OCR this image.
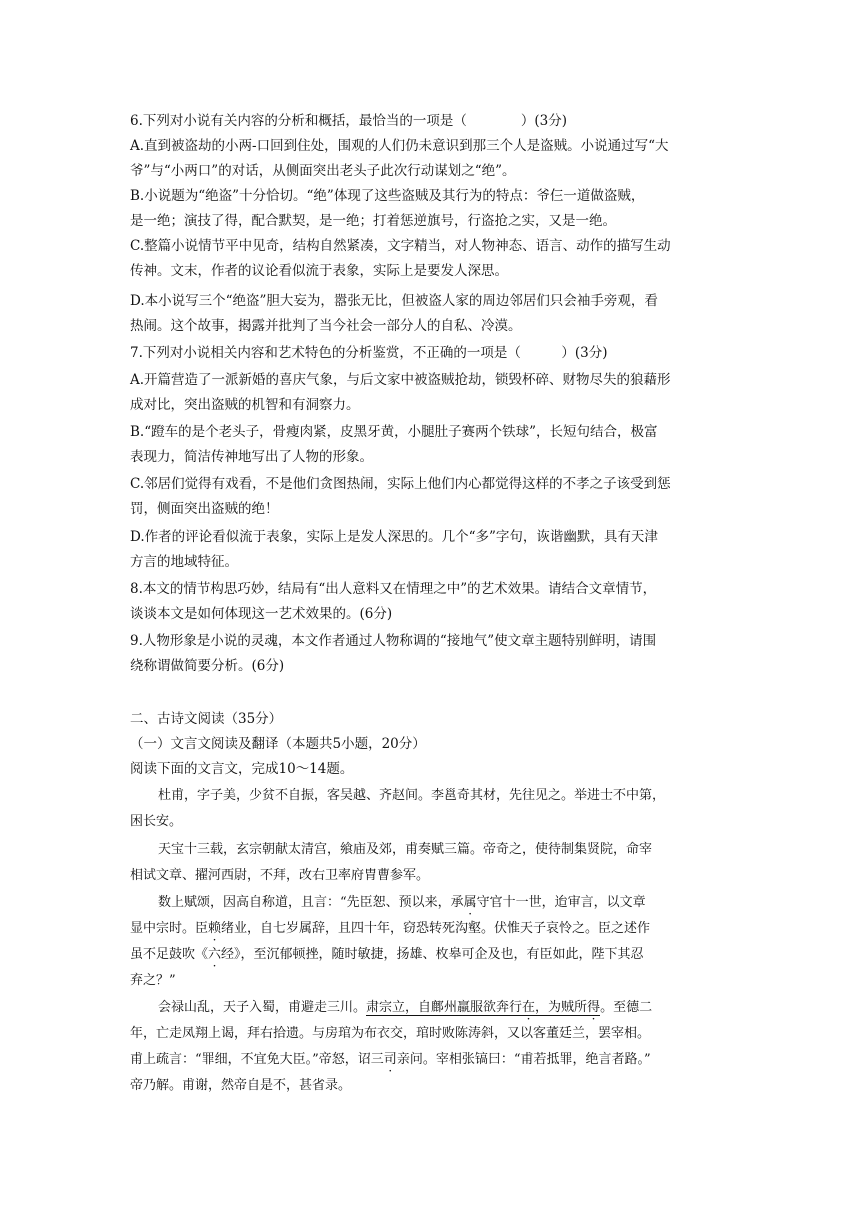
6.下列对小说有关内容的分析和概括，最恰当的一项是（　　　　）(3分)
A.直到被盗劫的小两-口回到住处，围观的人们仍未意识到那三个人是盗贼。小说通过写“大
爷”与“小两口”的对话，从侧面突出老头子此次行动谋划之“绝”。
B.小说题为“绝盗”十分恰切。“绝”体现了这些盗贼及其行为的特点：爷仨一道做盗贼，
是一绝；演技了得，配合默契，是一绝；打着惩逆旗号，行盗抢之实，又是一绝。
C.整篇小说情节平中见奇，结构自然紧凑，文字精当，对人物神态、语言、动作的描写生动
传神。文末，作者的议论看似流于表象，实际上是要发人深思。
D.本小说写三个“绝盗”胆大妄为，嚣张无比，但被盗人家的周边邻居们只会袖手旁观，看
热闹。这个故事，揭露并批判了当今社会一部分人的自私、冷漠。
7.下列对小说相关内容和艺术特色的分析鉴赏，不正确的一项是（　　　）(3分)
A.开篇营造了一派新婚的喜庆气象，与后文家中被盗贼抢劫，锁毁杯碎、财物尽失的狼藉形
成对比，突出盗贼的机智和有洞察力。
B.“蹬车的是个老头子，骨瘦肉紧，皮黑牙黄，小腿肚子赛两个铁球”，长短句结合，极富
表现力，简洁传神地写出了人物的形象。
C.邻居们觉得有戏看，不是他们贪图热闹，实际上他们内心都觉得这样的不孝之子该受到惩
罚，侧面突出盗贼的绝！
D.作者的评论看似流于表象，实际上是发人深思的。几个“多”字句，诙谐幽默，具有天津
方言的地域特征。
8.本文的情节构思巧妙，结局有“出人意料又在情理之中”的艺术效果。请结合文章情节，
谈谈本文是如何体现这一艺术效果的。(6分)
9.人物形象是小说的灵魂，本文作者通过人物称调的“接地气”使文章主题特别鲜明，请围
绕称谓做简要分析。(6分)
二、古诗文阅读（35分）
（一）文言文阅读及翻译（本题共5小题，20分）
阅读下面的文言文，完成10～14题。
杜甫，字子美，少贫不自振，客吴越、齐赵间。李邕奇其材，先往见之。举进士不中第，
困长安。
天宝十三载，玄宗朝献太清宫，飨庙及郊，甫奏赋三篇。帝奇之，使待制集贤院，命宰
相试文章、擢河西尉，不拜，改右卫率府胄曹参军。
数上赋颂，因高自称道，且言：“先臣恕、预以来，承属守官十一世，迨审言，以文章
显中宗时。臣赖绪业，自七岁属辞，且四十年，窃恐转死沟壑。伏惟天子哀怜之。臣之述作
虽不足鼓吹《六经》，至沉郁顿挫，随时敏捷，扬雄、枚皋可企及也，有臣如此，陛下其忍
弃之？”
会禄山乱，天子入蜀，甫避走三川。肃宗立，自鄜州羸服欲奔行在，为贼所得。至德二
年，亡走凤翔上谒，拜右拾遗。与房琯为布衣交，琯时败陈涛斜，又以客董廷兰，罢宰相。
甫上疏言：“罪细，不宜免大臣。”帝怒，诏三司亲问。宰相张镐曰：“甫若抵罪，绝言者路。”
帝乃解。甫谢，然帝自是不，甚省录。
